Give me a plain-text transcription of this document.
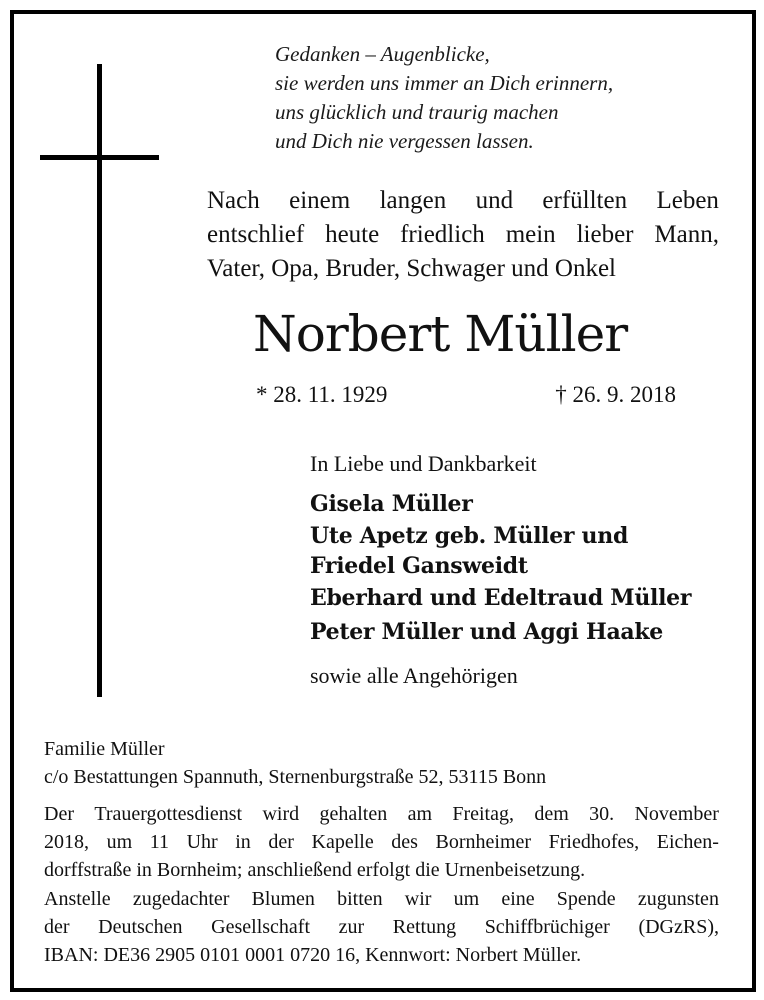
Gedanken – Augenblicke,
sie werden uns immer an Dich erinnern,
uns glücklich und traurig machen
und Dich nie vergessen lassen.
Nach einem langen und erfüllten Leben
entschlief heute friedlich mein lieber Mann,
Vater, Opa, Bruder, Schwager und Onkel
Norbert Müller
* 28. 11. 1929	† 26. 9. 2018
In Liebe und Dankbarkeit
Gisela Müller
Ute Apetz geb. Müller und
Friedel Gansweidt
Eberhard und Edeltraud Müller
Peter Müller und Aggi Haake
sowie alle Angehörigen
Familie Müller
c/o Bestattungen Spannuth, Sternenburgstraße 52, 53115 Bonn
Der Trauergottesdienst wird gehalten am Freitag, dem 30. November
2018, um 11 Uhr in der Kapelle des Bornheimer Friedhofes, Eichen-
dorffstraße in Bornheim; anschließend erfolgt die Urnenbeisetzung.
Anstelle zugedachter Blumen bitten wir um eine Spende zugunsten
der Deutschen Gesellschaft zur Rettung Schiffbrüchiger (DGzRS),
IBAN: DE36 2905 0101 0001 0720 16, Kennwort: Norbert Müller.
